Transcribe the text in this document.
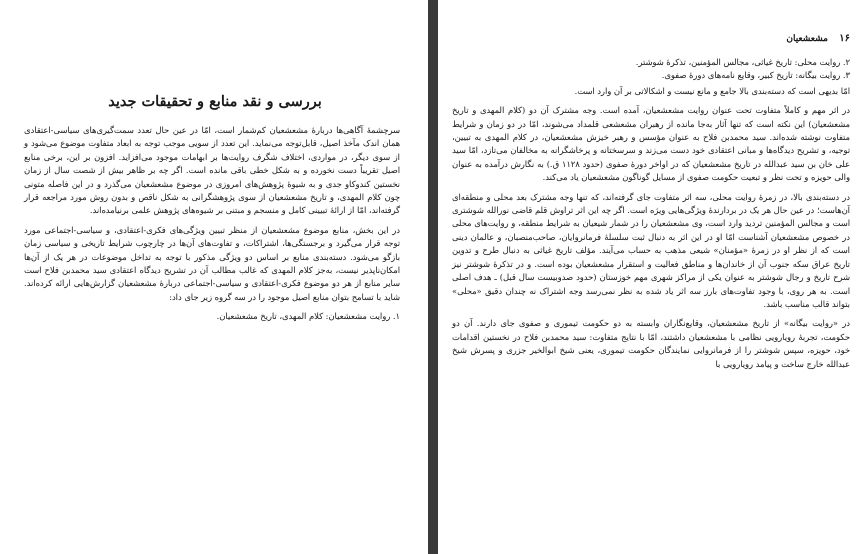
بررسی و نقد منابع و تحقیقات جدید

سرچشمهٔ آگاهی‌ها دربارهٔ مشعشعیان کم‌شمار است، امّا در عین حال تعدد سمت‌گیری‌های سیاسی-اعتقادی همان اندک مآخذ اصیل، قابل‌توجه می‌نماید. این تعدد از سویی موجب توجه به ابعاد متفاوت موضوع می‌شود و از سوی دیگر، در مواردی، اختلاف شگرف روایت‌ها بر ابهامات موجود می‌افزاید. افزون بر این، برخی منابع اصیل تقریباً دست نخورده و به شکل خطی باقی مانده است. اگر چه بر ظاهر بیش از شصت سال از زمان نخستین کندوکاو جدی و به شیوهٔ پژوهش‌های امروزی در موضوع مشعشعیان می‌گذرد و در این فاصله متونی چون کلام المهدی، و تاریخ مشعشعیان از سوی پژوهشگرانی به شکل ناقص و بدون روش مورد مراجعه قرار گرفته‌اند، امّا از ارائهٔ تبیینی کامل و منسجم و مبتنی بر شیوه‌های پژوهش علمی برنیامده‌اند.

در این بخش، منابع موضوع مشعشعیان از منظر تبیین ویژگی‌های فکری-اعتقادی، و سیاسی-اجتماعی مورد توجه قرار می‌گیرد و برجستگی‌ها، اشتراکات، و تفاوت‌های آن‌ها در چارچوب شرایط تاریخی و سیاسی زمان بازگو می‌شود. دسته‌بندی منابع بر اساس دو ویژگی مذکور با توجه به تداخل موضوعات در هر یک از آن‌ها امکان‌ناپذیر نیست، به‌جز کلام المهدی که غالب مطالب آن در تشریح دیدگاه اعتقادی سید محمدبن فلاح است سایر منابع از هر دو موضوع فکری-اعتقادی و سیاسی-اجتماعی دربارهٔ مشعشعیان گزارش‌هایی ارائه کرده‌اند. شاید با تسامح بتوان منابع اصیل موجود را در سه گروه زیر جای داد:

۱. روایت مشعشعیان: کلام المهدی، تاریخ مشعشعیان.

۱۶
مشعشعیان

۲. روایت محلی: تاریخ غیاثی، مجالس المؤمنین، تذکرهٔ شوشتر.

۳. روایت بیگانه: تاریخ کبیر، وقایع نامه‌های دورهٔ صفوی.

امّا بدیهی است که دسته‌بندی بالا جامع و مانع نیست و اشکالاتی بر آن وارد است.

در اثر مهم و کاملاً متفاوت تحت عنوان روایت مشعشعیان، آمده است. وجه مشترک آن دو (کلام المهدی و تاریخ مشعشعیان) این نکته است که تنها آثار به‌جا مانده از رهبران مشعشعی قلمداد می‌شوند، امّا در دو زمان و شرایط متفاوت نوشته شده‌اند. سید محمدبن فلاح به عنوان مؤسس و رهبر خیزش مشعشعیان، در کلام المهدی به تبیین، توجیه، و تشریح دیدگاه‌ها و مبانی اعتقادی خود دست می‌زند و سرسختانه و پرخاشگرانه به مخالفان می‌تازد، امّا سید علی خان بن سید عبدالله در تاریخ مشعشعیان که در اواخر دورهٔ صفوی (حدود ۱۱۲۸ ق.) به نگارش درآمده به عنوان والی حویزه و تحت نظر و تبعیت حکومت صفوی از مسایل گوناگون مشعشعیان یاد می‌کند.

در دسته‌بندی بالا، در زمرهٔ روایت محلی، سه اثر متفاوت جای گرفته‌اند، که تنها وجه مشترک بعد محلی و منطقه‌ای آن‌هاست؛ در عین حال هر یک در بردارندهٔ ویژگی‌هایی ویژه است. اگر چه این اثر تراوش قلم قاضی نورالله شوشتری است و مجالس المؤمنین تردید وارد است، وی مشعشعیان را در شمار شیعیان به شرایط منطقه، و روایت‌های محلی در خصوص مشعشعیان آشناست امّا او در این اثر به دنبال ثبت سلسلهٔ فرمانروایان، صاحب‌منصبان، و عالمان دینی است که از نظر او در زمرهٔ «مؤمنان» شیعی مذهب به حساب می‌آیند. مؤلف تاریخ غیاثی به دنبال طرح و تدوین تاریخ عراق سکه جنوب آن از خاندان‌ها و مناطق فعالیت و استقرار مشعشعیان بوده است. و در تذکرهٔ شوشتر نیز شرح تاریخ و رجال شوشتر به عنوان یکی از مراکز شهری مهم خوزستان (حدود صدوبیست سال قبل) ـ هدف اصلی است. به هر روی، با وجود تفاوت‌های بارز سه اثر یاد شده به نظر نمی‌رسد وجه اشتراک نه چندان دقیق «محلی» بتواند قالب مناسب باشد.

در «روایت بیگانه» از تاریخ مشعشعیان، وقایع‌نگاران وابسته به دو حکومت تیموری و صفوی جای دارند. آن دو حکومت، تجربهٔ رویارویی نظامی با مشعشعیان داشتند، امّا با نتایج متفاوت: سید محمدبن فلاح در نخستین اقدامات خود، حویزه، سپس شوشتر را از فرمانروایی نمایندگان حکومت تیموری، یعنی شیخ ابوالخیر جزری و پسرش شیخ عبدالله خارج ساخت و پیامد رویارویی با
